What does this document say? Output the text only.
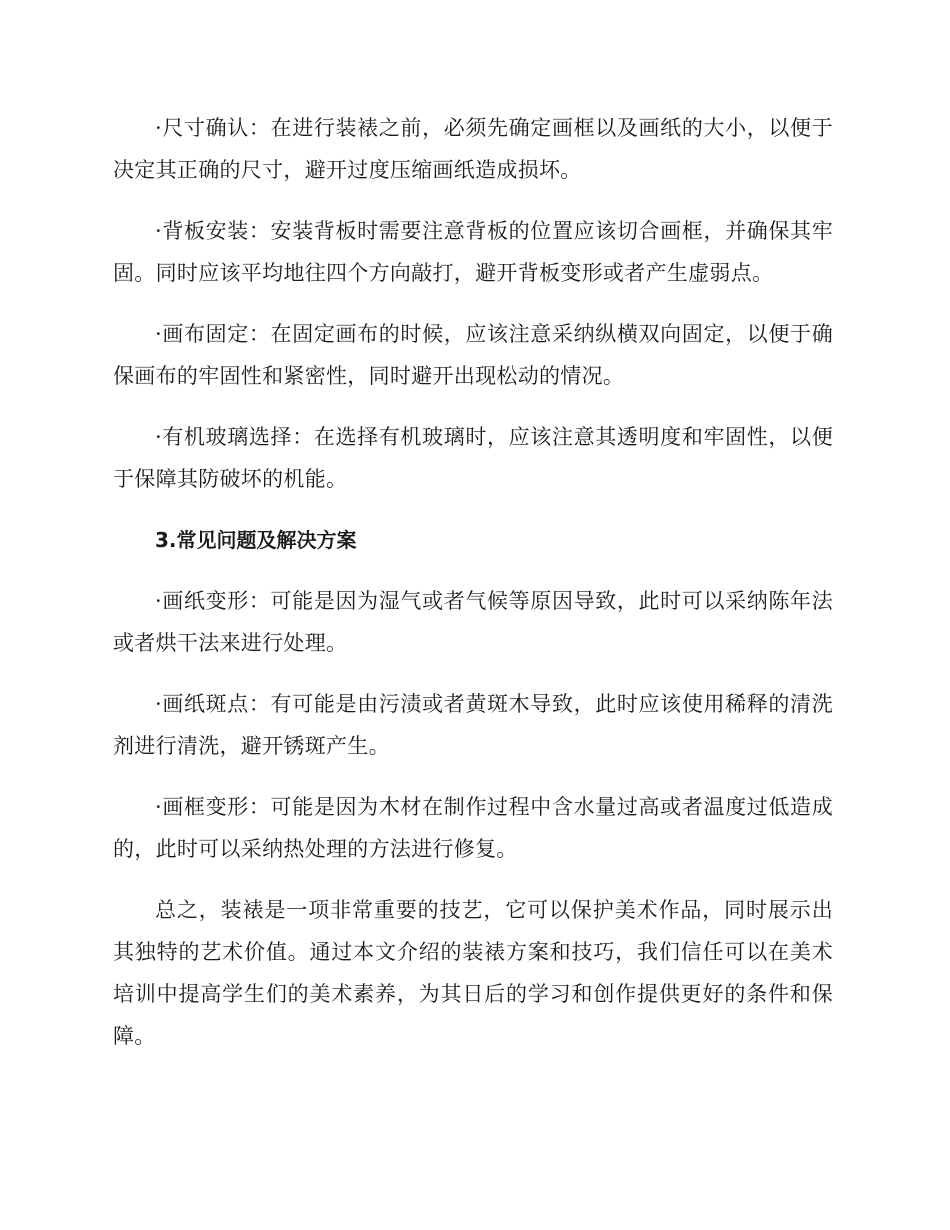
·尺寸确认：在进行装裱之前，必须先确定画框以及画纸的大小，以便于决定其正确的尺寸，避开过度压缩画纸造成损坏。

·背板安装：安装背板时需要注意背板的位置应该切合画框，并确保其牢固。同时应该平均地往四个方向敲打，避开背板变形或者产生虚弱点。

·画布固定：在固定画布的时候，应该注意采纳纵横双向固定，以便于确保画布的牢固性和紧密性，同时避开出现松动的情况。

·有机玻璃选择：在选择有机玻璃时，应该注意其透明度和牢固性，以便于保障其防破坏的机能。

3.常见问题及解决方案

·画纸变形：可能是因为湿气或者气候等原因导致，此时可以采纳陈年法或者烘干法来进行处理。

·画纸斑点：有可能是由污渍或者黄斑木导致，此时应该使用稀释的清洗剂进行清洗，避开锈斑产生。

·画框变形：可能是因为木材在制作过程中含水量过高或者温度过低造成的，此时可以采纳热处理的方法进行修复。

总之，装裱是一项非常重要的技艺，它可以保护美术作品，同时展示出其独特的艺术价值。通过本文介绍的装裱方案和技巧，我们信任可以在美术培训中提高学生们的美术素养，为其日后的学习和创作提供更好的条件和保障。
